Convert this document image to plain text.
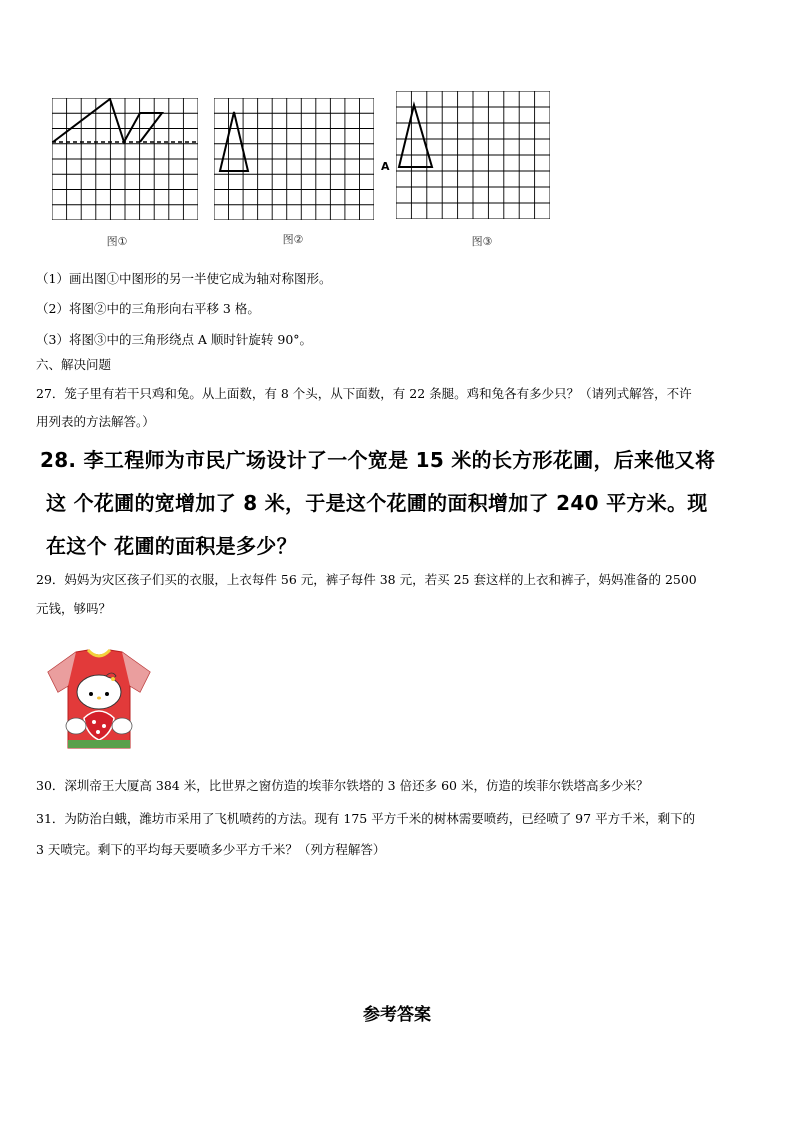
图①	图②
A
图③
（1）画出图①中图形的另一半使它成为轴对称图形。
（2）将图②中的三角形向右平移 3 格。
（3）将图③中的三角形绕点 A 顺时针旋转 90°。
六、解决问题
27．笼子里有若干只鸡和兔。从上面数，有 8 个头，从下面数，有 22 条腿。鸡和兔各有多少只？（请列式解答，不许
用列表的方法解答。）
28. 李工程师为市民广场设计了一个宽是 15 米的长方形花圃，后来他又将
这 个花圃的宽增加了 8 米，于是这个花圃的面积增加了 240 平方米。现
在这个 花圃的面积是多少？
29．妈妈为灾区孩子们买的衣服，上衣每件 56 元，裤子每件 38 元，若买 25 套这样的上衣和裤子，妈妈准备的 2500
元钱，够吗？
30．深圳帝王大厦高 384 米，比世界之窗仿造的埃菲尔铁塔的 3 倍还多 60 米，仿造的埃菲尔铁塔高多少米？
31．为防治白蛾，潍坊市采用了飞机喷药的方法。现有 175 平方千米的树林需要喷药，已经喷了 97 平方千米，剩下的
3 天喷完。剩下的平均每天要喷多少平方千米？（列方程解答）
参考答案
